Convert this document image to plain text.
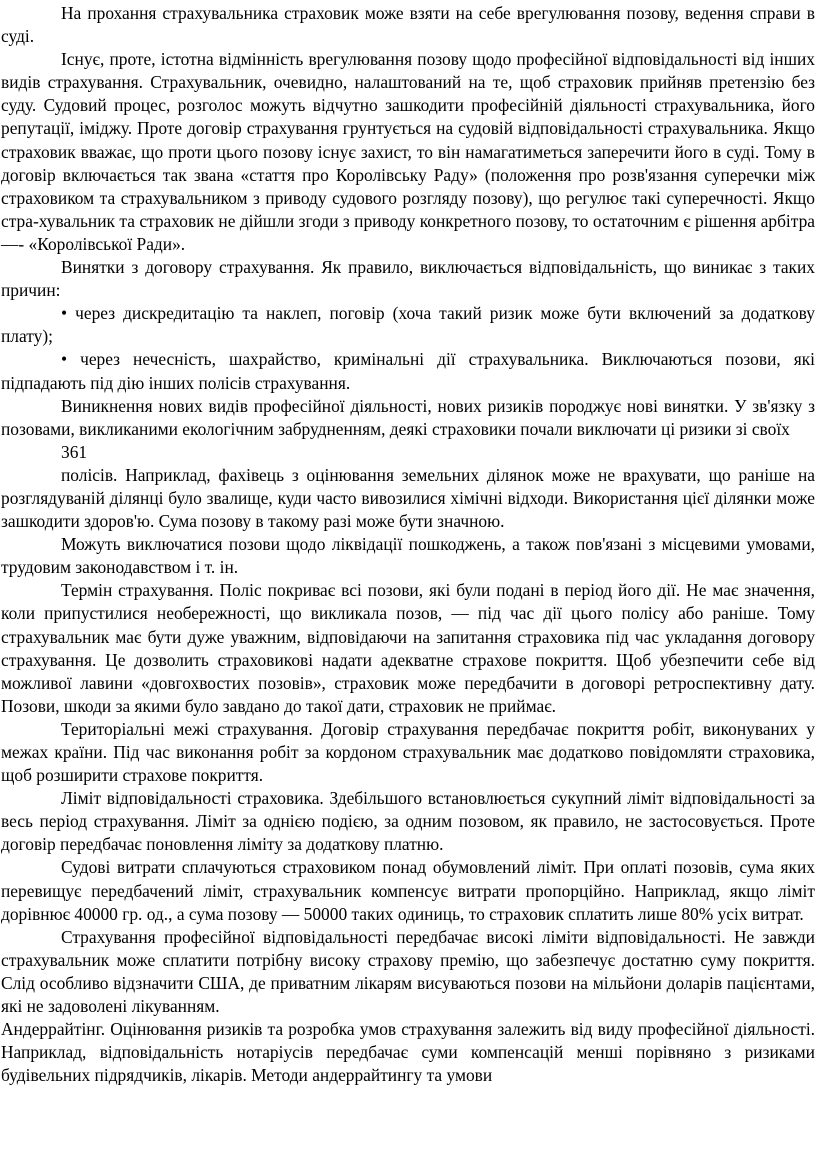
На прохання страхувальника страховик може взяти на себе врегулювання позову, ведення справи в суді.

Існує, проте, істотна відмінність врегулювання позову щодо професійної відповідальності від інших видів страхування. Страхувальник, очевидно, налаштований на те, щоб страховик прийняв претензію без суду. Судовий процес, розголос можуть відчутно зашкодити професійній діяльності страхувальника, його репутації, іміджу. Проте договір страхування грунтується на судовій відповідальності страхувальника. Якщо страховик вважає, що проти цього позову існує захист, то він намагатиметься заперечити його в суді. Тому в договір включається так звана «стаття про Королівську Раду» (положення про розв'язання суперечки між страховиком та страхувальником з приводу судового розгляду позову), що регулює такі суперечності. Якщо стра-хувальник та страховик не дійшли згоди з приводу конкретного позову, то остаточним є рішення арбітра —- «Королівської Ради».

Винятки з договору страхування. Як правило, виключається відповідальність, що виникає з таких причин:

• через дискредитацію та наклеп, поговір (хоча такий ризик може бути включений за додаткову плату);

• через нечесність, шахрайство, кримінальні дії страхувальника. Виключаються позови, які підпадають під дію інших полісів страхування.

Виникнення нових видів професійної діяльності, нових ризиків породжує нові винятки. У зв'язку з позовами, викликаними екологічним забрудненням, деякі страховики почали виключати ці ризики зі своїх

361

полісів. Наприклад, фахівець з оцінювання земельних ділянок може не врахувати, що раніше на розглядуваній ділянці було звалище, куди часто вивозилися хімічні відходи. Використання цієї ділянки може зашкодити здоров'ю. Сума позову в такому разі може бути значною.

Можуть виключатися позови щодо ліквідації пошкоджень, а також пов'язані з місцевими умовами, трудовим законодавством і т. ін.

Термін страхування. Поліс покриває всі позови, які були подані в період його дії. Не має значення, коли припустилися необережності, що викликала позов, — під час дії цього полісу або раніше. Тому страхувальник має бути дуже уважним, відповідаючи на запитання страховика під час укладання договору страхування. Це дозволить страховикові надати адекватне страхове покриття. Щоб убезпечити себе від можливої лавини «довгохвостих позовів», страховик може передбачити в договорі ретроспективну дату. Позови, шкоди за якими було завдано до такої дати, страховик не приймає.

Територіальні межі страхування. Договір страхування передбачає покриття робіт, виконуваних у межах країни. Під час виконання робіт за кордоном страхувальник має додатково повідомляти страховика, щоб розширити страхове покриття.

Ліміт відповідальності страховика. Здебільшого встановлюється сукупний ліміт відповідальності за весь період страхування. Ліміт за однією подією, за одним позовом, як правило, не застосовується. Проте договір передбачає поновлення ліміту за додаткову платню.

Судові витрати сплачуються страховиком понад обумовлений ліміт. При оплаті позовів, сума яких перевищує передбачений ліміт, страхувальник компенсує витрати пропорційно. Наприклад, якщо ліміт дорівнює 40000 гр. од., а сума позову — 50000 таких одиниць, то страховик сплатить лише 80% усіх витрат.

Страхування професійної відповідальності передбачає високі ліміти відповідальності. Не завжди страхувальник може сплатити потрібну високу страхову премію, що забезпечує достатню суму покриття. Слід особливо відзначити США, де приватним лікарям висуваються позови на мільйони доларів пацієнтами, які не задоволені лікуванням.

Андеррайтінг. Оцінювання ризиків та розробка умов страхування залежить від виду професійної діяльності. Наприклад, відповідальність нотаріусів передбачає суми компенсацій менші порівняно з ризиками будівельних підрядчиків, лікарів. Методи андеррайтингу та умови
